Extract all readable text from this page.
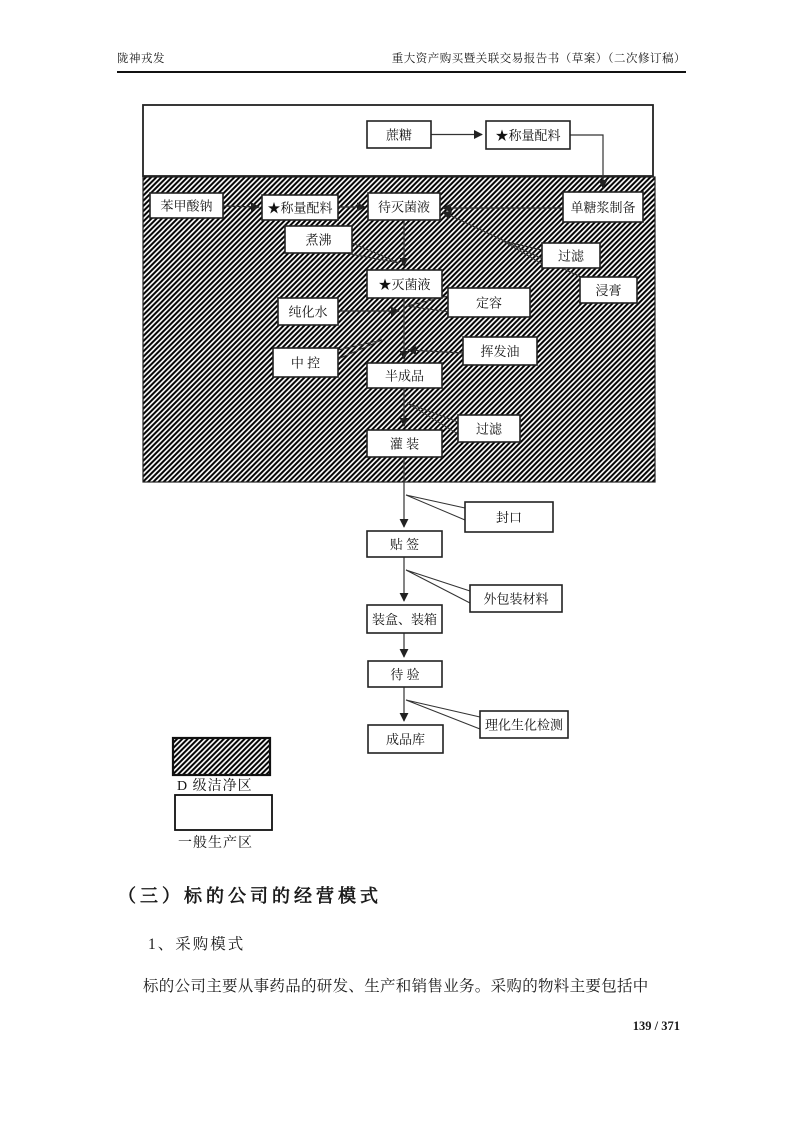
陇神戎发	重大资产购买暨关联交易报告书（草案）（二次修订稿）
蔗糖	★称量配料
苯甲酸钠	★称量配料	待灭菌液	单糖浆制备
煮沸
过滤
浸膏
★灭菌液
纯化水
定容
中 控
挥发油
半成品
过滤
灌 装
封口
贴 签
外包装材料
装盒、装箱
待 验
理化生化检测
成品库
D 级洁净区
一般生产区
（三）标的公司的经营模式
1、采购模式
标的公司主要从事药品的研发、生产和销售业务。采购的物料主要包括中
139 / 371
